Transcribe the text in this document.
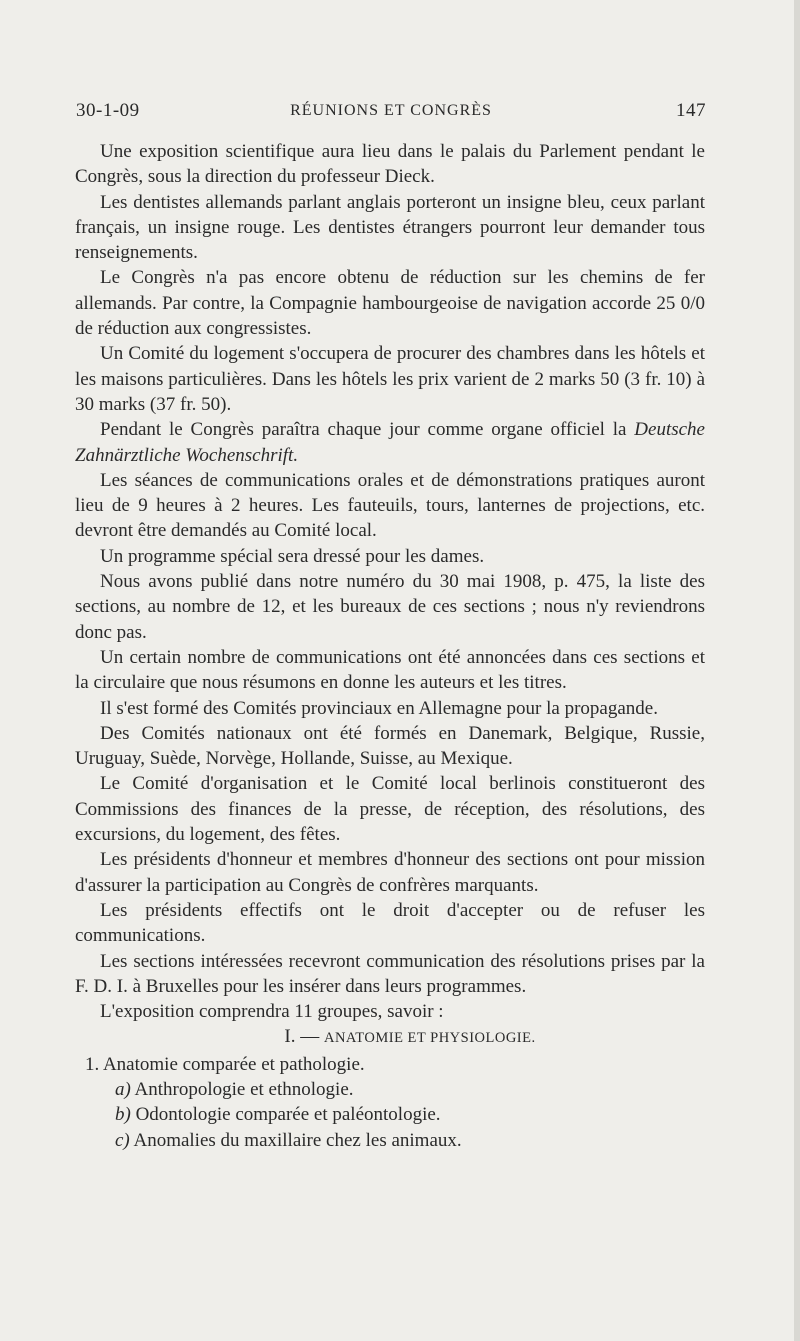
30-1-09	RÉUNIONS ET CONGRÈS	147

Une exposition scientifique aura lieu dans le palais du Parlement pendant le Congrès, sous la direction du professeur Dieck.

Les dentistes allemands parlant anglais porteront un insigne bleu, ceux parlant français, un insigne rouge. Les dentistes étrangers pourront leur demander tous renseignements.

Le Congrès n'a pas encore obtenu de réduction sur les chemins de fer allemands. Par contre, la Compagnie hambourgeoise de navigation accorde 25 0/0 de réduction aux congressistes.

Un Comité du logement s'occupera de procurer des chambres dans les hôtels et les maisons particulières. Dans les hôtels les prix varient de 2 marks 50 (3 fr. 10) à 30 marks (37 fr. 50).

Pendant le Congrès paraîtra chaque jour comme organe officiel la Deutsche Zahnärztliche Wochenschrift.

Les séances de communications orales et de démonstrations pratiques auront lieu de 9 heures à 2 heures. Les fauteuils, tours, lanternes de projections, etc. devront être demandés au Comité local.

Un programme spécial sera dressé pour les dames.

Nous avons publié dans notre numéro du 30 mai 1908, p. 475, la liste des sections, au nombre de 12, et les bureaux de ces sections ; nous n'y reviendrons donc pas.

Un certain nombre de communications ont été annoncées dans ces sections et la circulaire que nous résumons en donne les auteurs et les titres.

Il s'est formé des Comités provinciaux en Allemagne pour la propagande.

Des Comités nationaux ont été formés en Danemark, Belgique, Russie, Uruguay, Suède, Norvège, Hollande, Suisse, au Mexique.

Le Comité d'organisation et le Comité local berlinois constitueront des Commissions des finances de la presse, de réception, des résolutions, des excursions, du logement, des fêtes.

Les présidents d'honneur et membres d'honneur des sections ont pour mission d'assurer la participation au Congrès de confrères marquants.

Les présidents effectifs ont le droit d'accepter ou de refuser les communications.

Les sections intéressées recevront communication des résolutions prises par la F. D. I. à Bruxelles pour les insérer dans leurs programmes.

L'exposition comprendra 11 groupes, savoir :

I. — ANATOMIE ET PHYSIOLOGIE.

1. Anatomie comparée et pathologie.

a) Anthropologie et ethnologie.

b) Odontologie comparée et paléontologie.

c) Anomalies du maxillaire chez les animaux.
